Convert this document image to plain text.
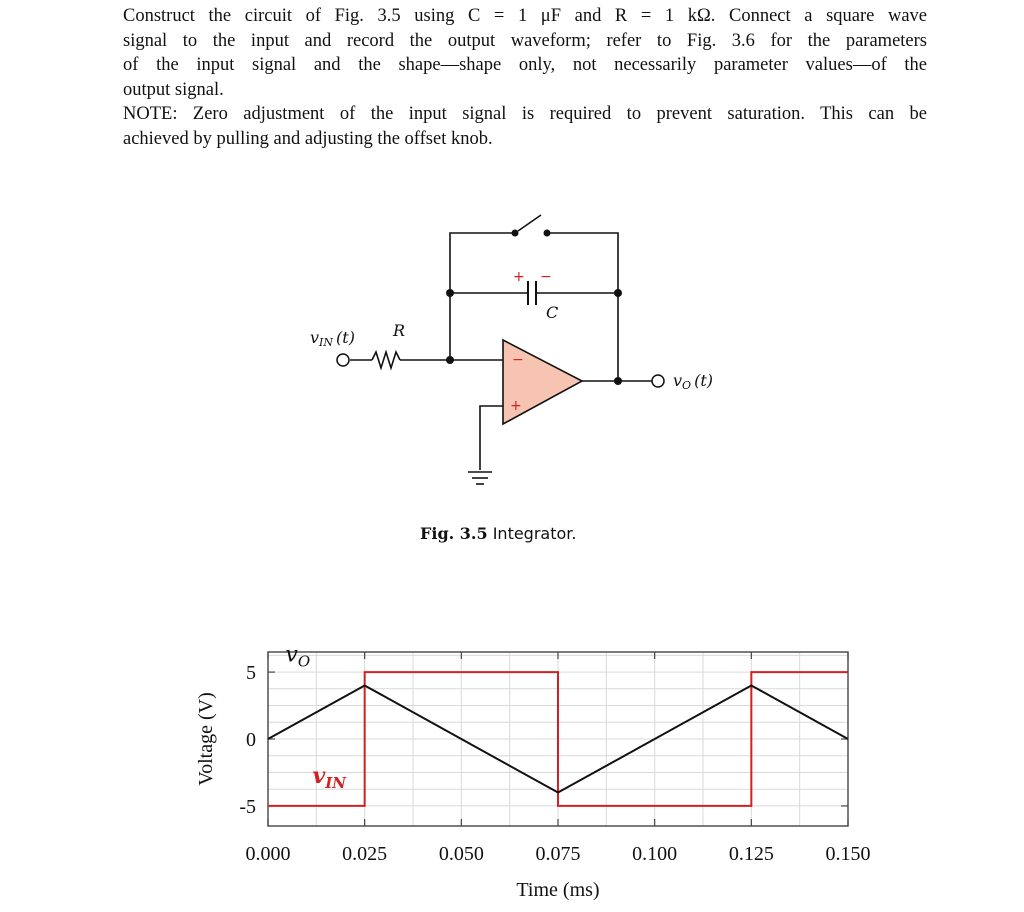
Construct the circuit of Fig. 3.5 using C = 1 μF and R = 1 kΩ. Connect a square wave
signal to the input and record the output waveform; refer to Fig. 3.6 for the parameters
of the input signal and the shape—shape only, not necessarily parameter values—of the
output signal.
NOTE: Zero adjustment of the input signal is required to prevent saturation. This can be
achieved by pulling and adjusting the offset knob.
−
+
+ −
vIN (t) R
C
vO (t)
Fig. 3.5 Integrator.
0.000	0.025	0.050	0.075	0.100	0.125	0.150
5
0
-5
Time (ms)
Voltage (V)
$v_O$
$v_{IN}$
